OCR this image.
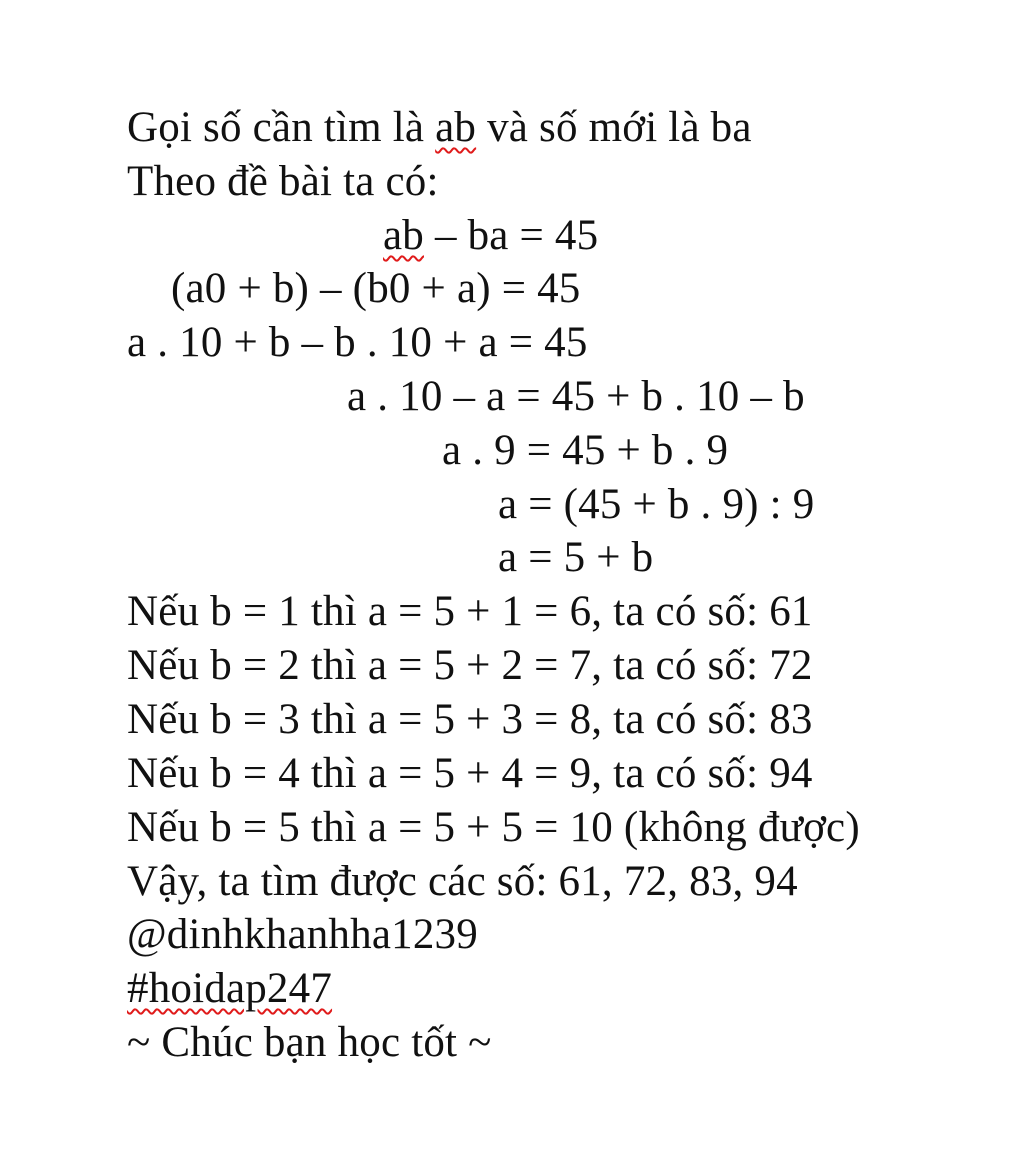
Gọi số cần tìm là ab và số mới là ba
Theo đề bài ta có:
ab – ba = 45
(a0 + b) – (b0 + a) = 45
a . 10 + b – b . 10 + a = 45
a . 10 – a = 45 + b . 10 – b
a . 9 = 45 + b . 9
a = (45 + b . 9) : 9
a = 5 + b
Nếu b = 1 thì a = 5 + 1 = 6, ta có số: 61
Nếu b = 2 thì a = 5 + 2 = 7, ta có số: 72
Nếu b = 3 thì a = 5 + 3 = 8, ta có số: 83
Nếu b = 4 thì a = 5 + 4 = 9, ta có số: 94
Nếu b = 5 thì a = 5 + 5 = 10 (không được)
Vậy, ta tìm được các số: 61, 72, 83, 94
@dinhkhanhha1239
#hoidap247
~ Chúc bạn học tốt ~
